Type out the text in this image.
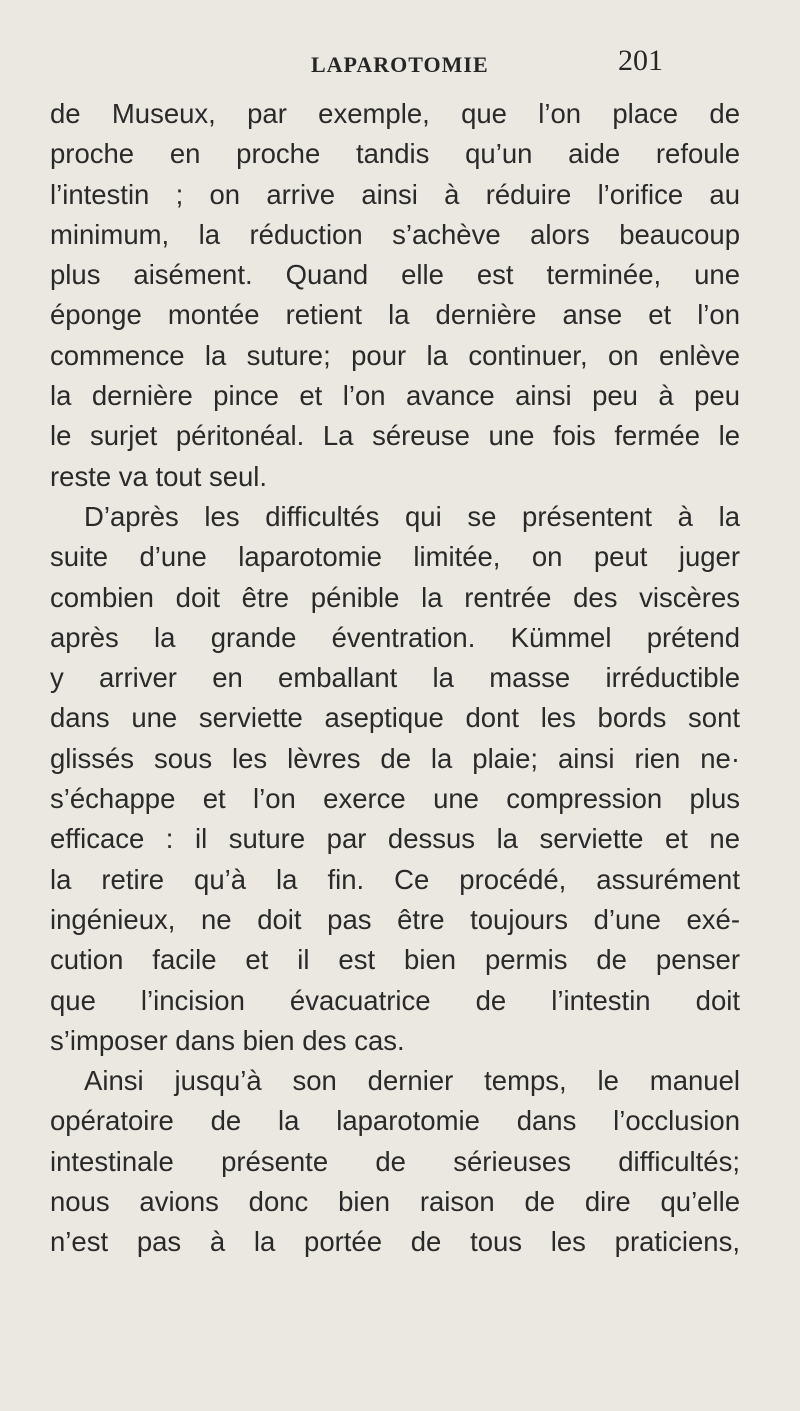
LAPAROTOMIE	201
de Museux, par exemple, que l’on place de
proche en proche tandis qu’un aide refoule
l’intestin ; on arrive ainsi à réduire l’orifice au
minimum, la réduction s’achève alors beaucoup
plus aisément. Quand elle est terminée, une
éponge montée retient la dernière anse et l’on
commence la suture; pour la continuer, on enlève
la dernière pince et l’on avance ainsi peu à peu
le surjet péritonéal. La séreuse une fois fermée le
reste va tout seul.
D’après les difficultés qui se présentent à la
suite d’une laparotomie limitée, on peut juger
combien doit être pénible la rentrée des viscères
après la grande éventration. Kümmel prétend
y arriver en emballant la masse irréductible
dans une serviette aseptique dont les bords sont
glissés sous les lèvres de la plaie; ainsi rien ne·
s’échappe et l’on exerce une compression plus
efficace : il suture par dessus la serviette et ne
la retire qu’à la fin. Ce procédé, assurément
ingénieux, ne doit pas être toujours d’une exé-
cution facile et il est bien permis de penser
que l’incision évacuatrice de l’intestin doit
s’imposer dans bien des cas.
Ainsi jusqu’à son dernier temps, le manuel
opératoire de la laparotomie dans l’occlusion
intestinale présente de sérieuses difficultés;
nous avions donc bien raison de dire qu’elle
n’est pas à la portée de tous les praticiens,
